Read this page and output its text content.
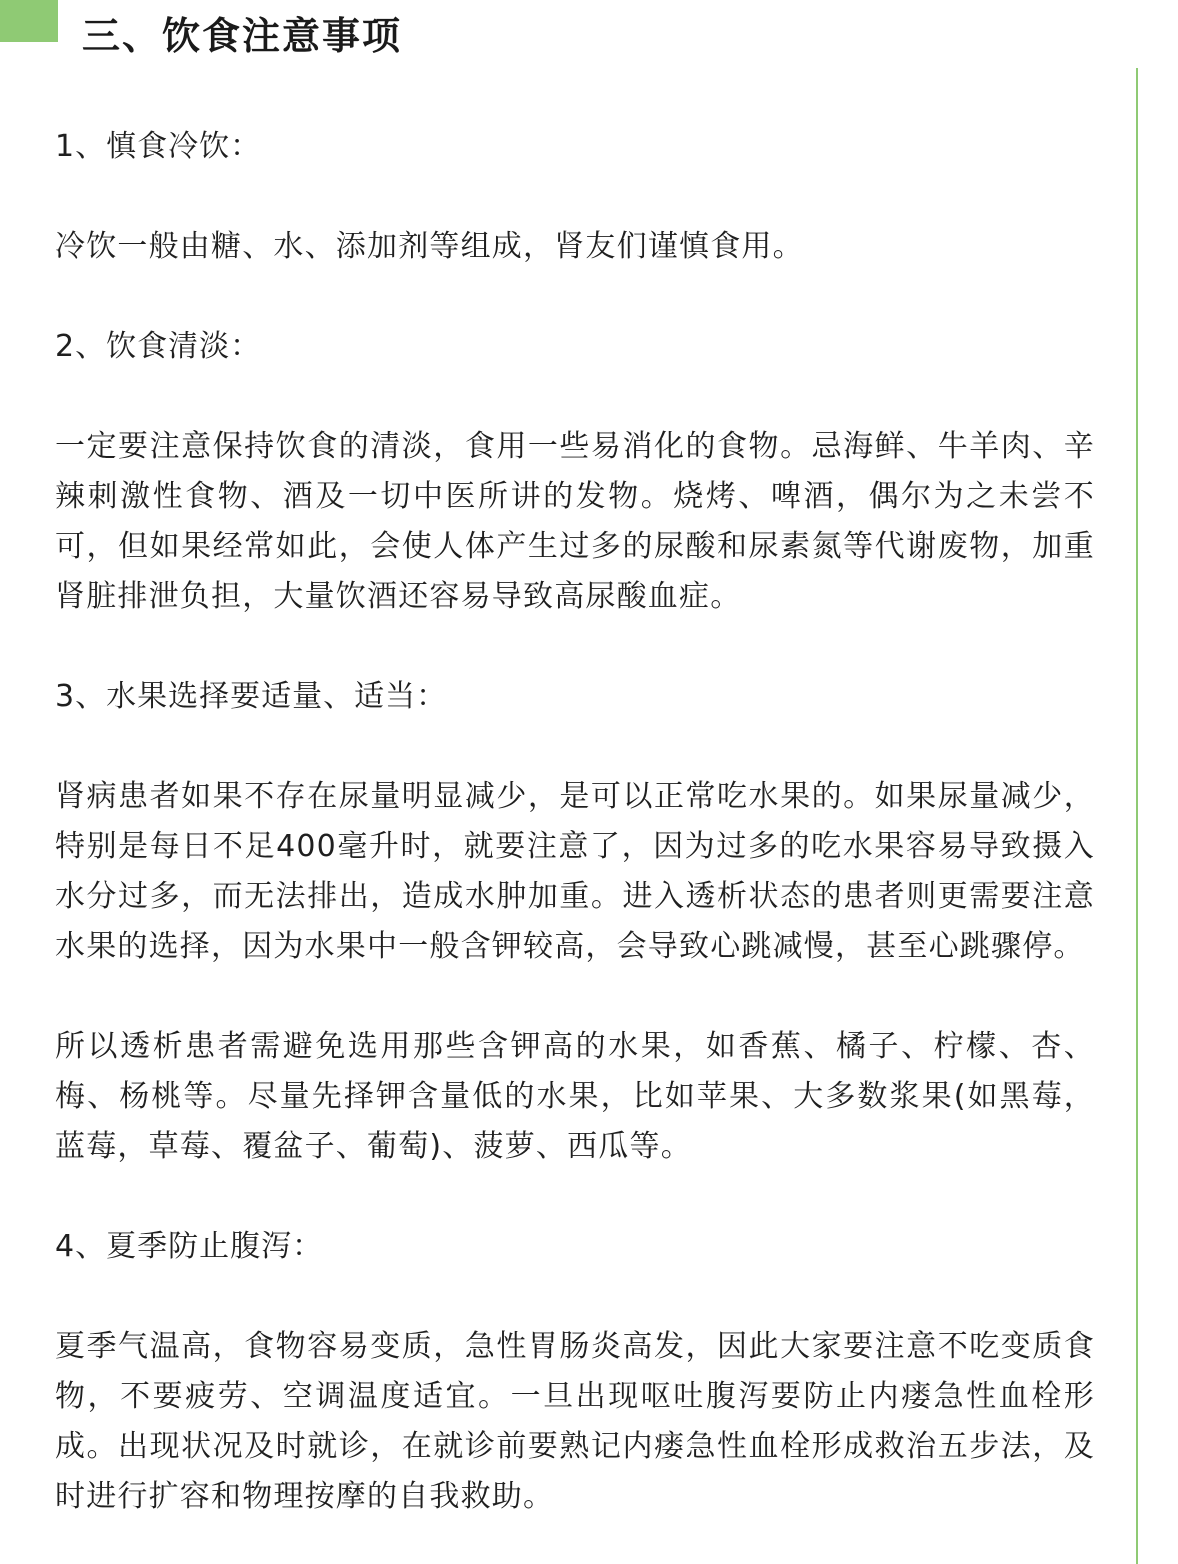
三、饮食注意事项

1、慎食冷饮：

冷饮一般由糖、水、添加剂等组成，肾友们谨慎食用。

2、饮食清淡：

一定要注意保持饮食的清淡，食用一些易消化的食物。忌海鲜、牛羊肉、辛辣刺激性食物、酒及一切中医所讲的发物。烧烤、啤酒，偶尔为之未尝不可，但如果经常如此，会使人体产生过多的尿酸和尿素氮等代谢废物，加重肾脏排泄负担，大量饮酒还容易导致高尿酸血症。

3、水果选择要适量、适当：

肾病患者如果不存在尿量明显减少，是可以正常吃水果的。如果尿量减少，特别是每日不足400毫升时，就要注意了，因为过多的吃水果容易导致摄入水分过多，而无法排出，造成水肿加重。进入透析状态的患者则更需要注意水果的选择，因为水果中一般含钾较高，会导致心跳减慢，甚至心跳骤停。

所以透析患者需避免选用那些含钾高的水果，如香蕉、橘子、柠檬、杏、梅、杨桃等。尽量先择钾含量低的水果，比如苹果、大多数浆果(如黑莓，蓝莓，草莓、覆盆子、葡萄)、菠萝、西瓜等。

4、夏季防止腹泻：

夏季气温高，食物容易变质，急性胃肠炎高发，因此大家要注意不吃变质食物，不要疲劳、空调温度适宜。一旦出现呕吐腹泻要防止内瘘急性血栓形成。出现状况及时就诊，在就诊前要熟记内瘘急性血栓形成救治五步法，及时进行扩容和物理按摩的自我救助。
